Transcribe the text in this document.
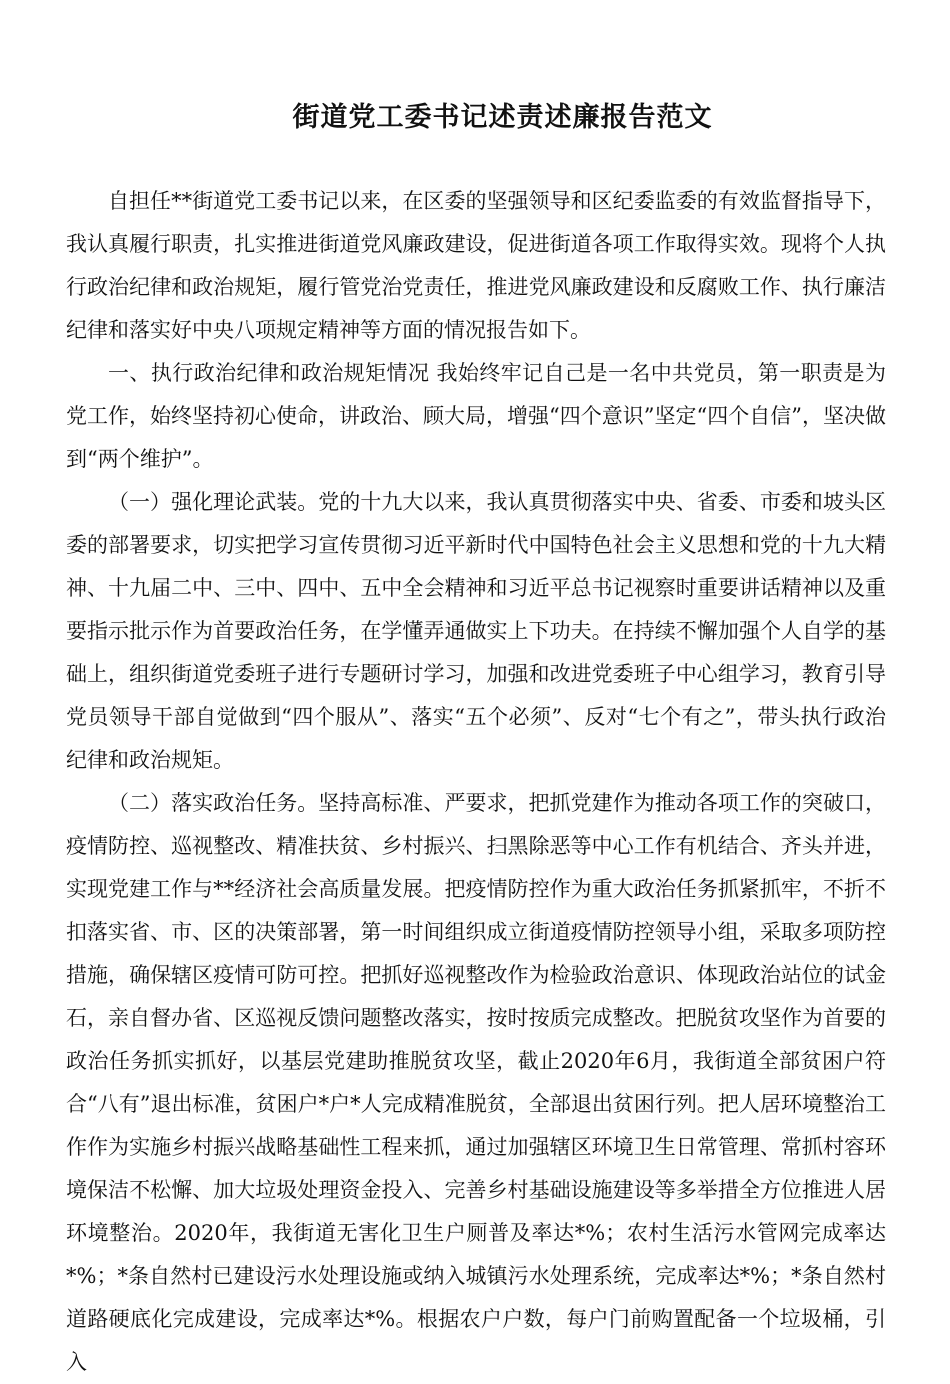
街道党工委书记述责述廉报告范文

自担任**街道党工委书记以来，在区委的坚强领导和区纪委监委的有效监督指导下，我认真履行职责，扎实推进街道党风廉政建设，促进街道各项工作取得实效。现将个人执行政治纪律和政治规矩，履行管党治党责任，推进党风廉政建设和反腐败工作、执行廉洁纪律和落实好中央八项规定精神等方面的情况报告如下。

一、执行政治纪律和政治规矩情况 我始终牢记自己是一名中共党员，第一职责是为党工作，始终坚持初心使命，讲政治、顾大局，增强“四个意识”坚定“四个自信”，坚决做到“两个维护”。

（一）强化理论武装。党的十九大以来，我认真贯彻落实中央、省委、市委和坡头区委的部署要求，切实把学习宣传贯彻习近平新时代中国特色社会主义思想和党的十九大精神、十九届二中、三中、四中、五中全会精神和习近平总书记视察时重要讲话精神以及重要指示批示作为首要政治任务，在学懂弄通做实上下功夫。在持续不懈加强个人自学的基础上，组织街道党委班子进行专题研讨学习，加强和改进党委班子中心组学习，教育引导党员领导干部自觉做到“四个服从”、落实“五个必须”、反对“七个有之”，带头执行政治纪律和政治规矩。

（二）落实政治任务。坚持高标准、严要求，把抓党建作为推动各项工作的突破口，疫情防控、巡视整改、精准扶贫、乡村振兴、扫黑除恶等中心工作有机结合、齐头并进，实现党建工作与**经济社会高质量发展。把疫情防控作为重大政治任务抓紧抓牢，不折不扣落实省、市、区的决策部署，第一时间组织成立街道疫情防控领导小组，采取多项防控措施，确保辖区疫情可防可控。把抓好巡视整改作为检验政治意识、体现政治站位的试金石，亲自督办省、区巡视反馈问题整改落实，按时按质完成整改。把脱贫攻坚作为首要的政治任务抓实抓好，以基层党建助推脱贫攻坚，截止2020年6月，我街道全部贫困户符合“八有”退出标准，贫困户*户*人完成精准脱贫，全部退出贫困行列。把人居环境整治工作作为实施乡村振兴战略基础性工程来抓，通过加强辖区环境卫生日常管理、常抓村容环境保洁不松懈、加大垃圾处理资金投入、完善乡村基础设施建设等多举措全方位推进人居环境整治。2020年，我街道无害化卫生户厕普及率达*%；农村生活污水管网完成率达*%；*条自然村已建设污水处理设施或纳入城镇污水处理系统，完成率达*%；*条自然村道路硬底化完成建设，完成率达*%。根据农户户数，每户门前购置配备一个垃圾桶，引入
